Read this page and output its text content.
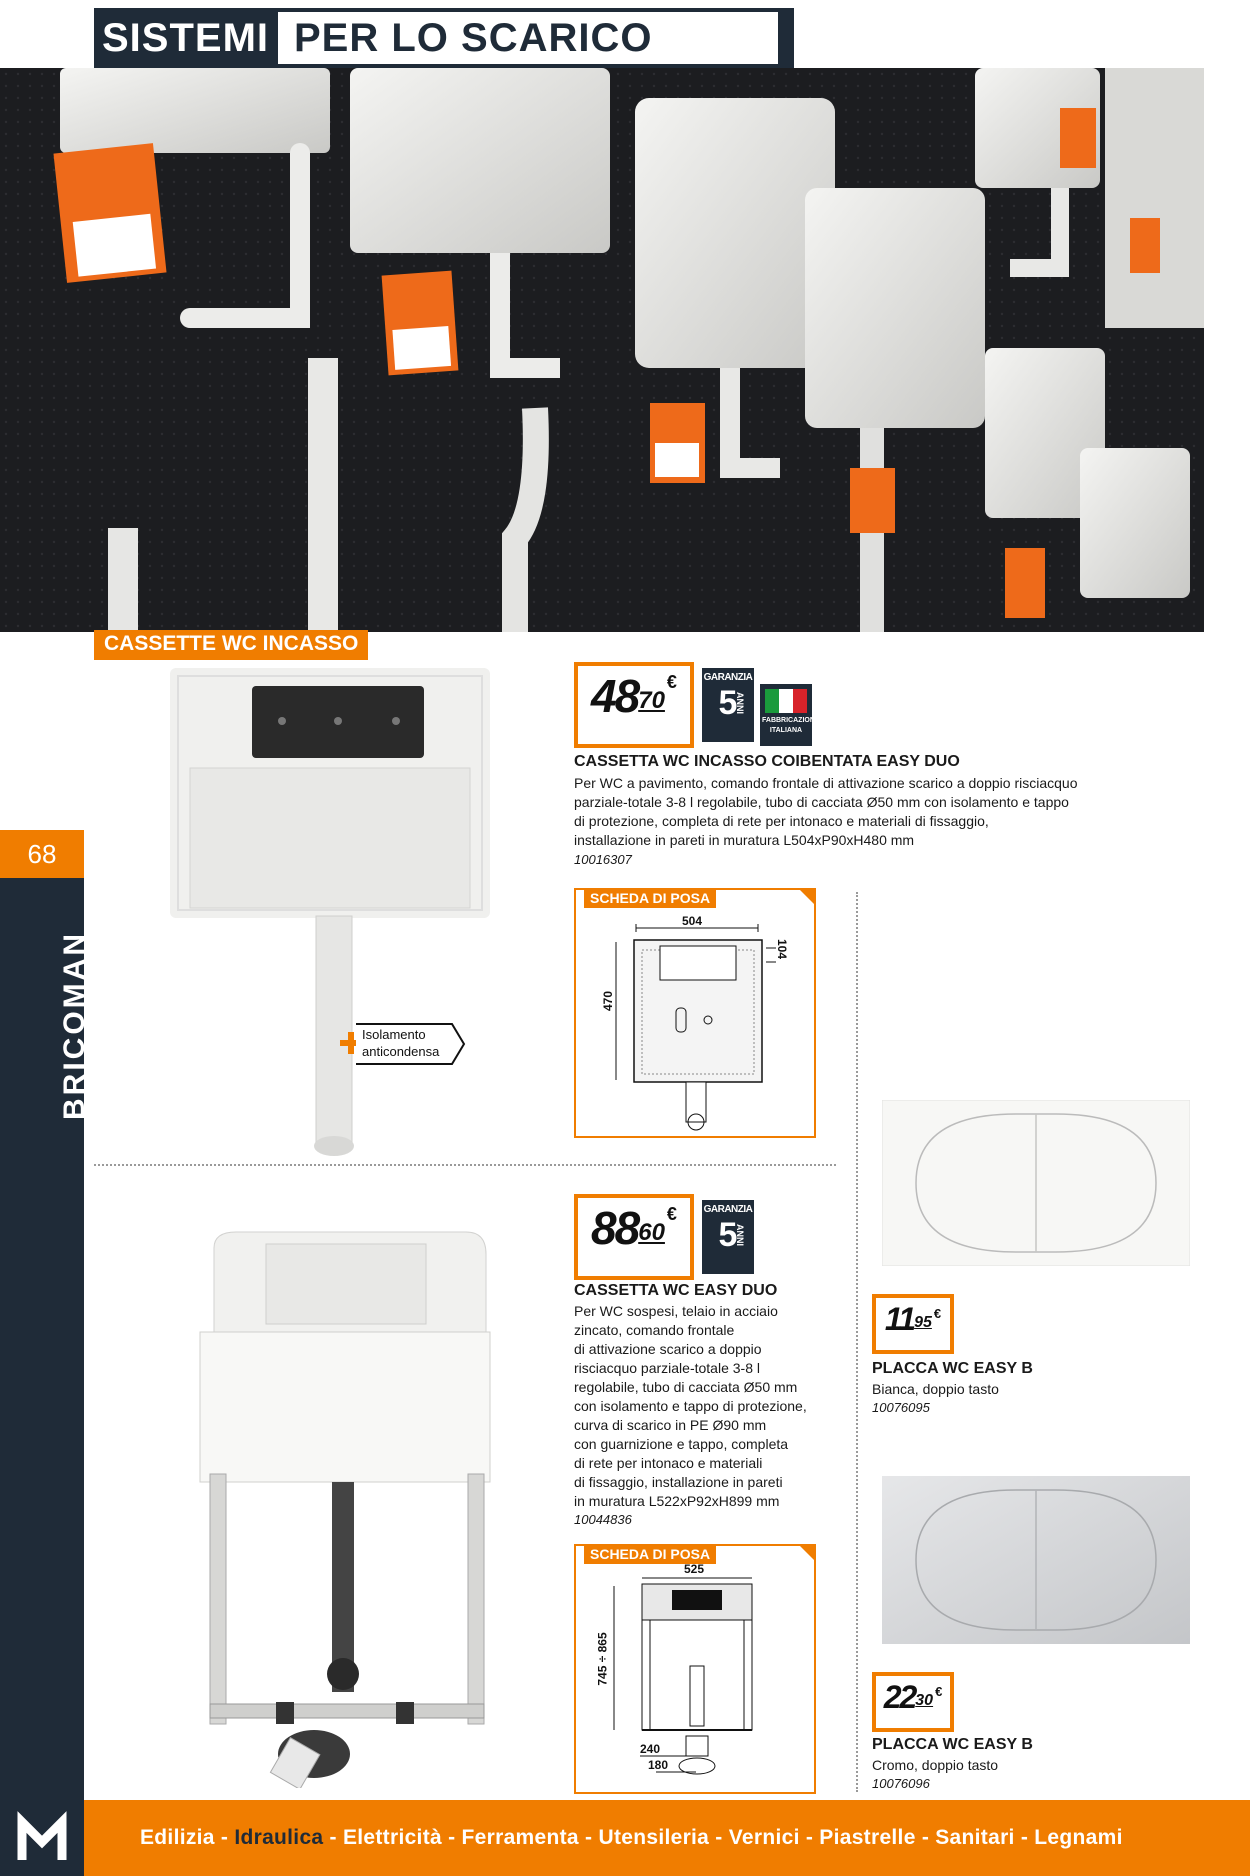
SISTEMI PER LO SCARICO
CASSETTE WC INCASSO
68
BRICOMAN	Isolamento
anticondensa
48 70
€	GARANZIA
5
ANNI
FABBRICAZIONE
ITALIANA
CASSETTA WC INCASSO COIBENTATA EASY DUO
Per WC a pavimento, comando frontale di attivazione scarico a doppio risciacquo
parziale-totale 3-8 l regolabile, tubo di cacciata Ø50 mm con isolamento e tappo
di protezione, completa di rete per intonaco e materiali di fissaggio,
installazione in pareti in muratura L504xP90xH480 mm
10016307
SCHEDA DI POSA
504
470
104
88 60
€	GARANZIA
5
ANNI
CASSETTA WC EASY DUO
Per WC sospesi, telaio in acciaio
zincato, comando frontale
di attivazione scarico a doppio
risciacquo parziale-totale 3-8 l
regolabile, tubo di cacciata Ø50 mm
con isolamento e tappo di protezione,
curva di scarico in PE Ø90 mm
con guarnizione e tappo, completa
di rete per intonaco e materiali
di fissaggio, installazione in pareti
in muratura L522xP92xH899 mm
10044836
SCHEDA DI POSA
525
745 ÷ 865
240
180
11 95
€
PLACCA WC EASY B
Bianca, doppio tasto
10076095
22 30
€
PLACCA WC EASY B
Cromo, doppio tasto
10076096
Edilizia - Idraulica - Elettricità - Ferramenta - Utensileria - Vernici - Piastrelle - Sanitari - Legnami
